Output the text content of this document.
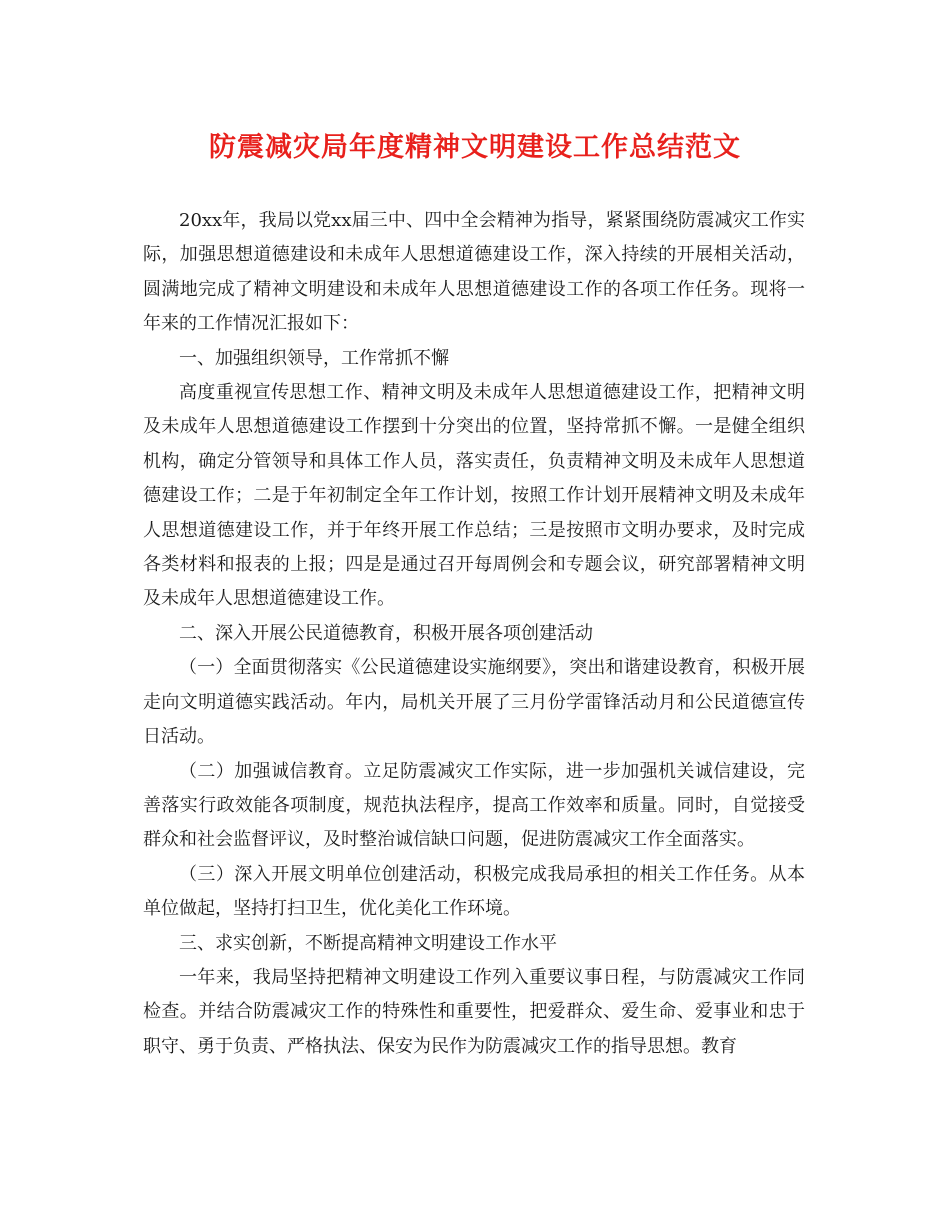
防震减灾局年度精神文明建设工作总结范文

20xx年，我局以党xx届三中、四中全会精神为指导，紧紧围绕防震减灾工作实际，加强思想道德建设和未成年人思想道德建设工作，深入持续的开展相关活动，圆满地完成了精神文明建设和未成年人思想道德建设工作的各项工作任务。现将一年来的工作情况汇报如下：

一、加强组织领导，工作常抓不懈

高度重视宣传思想工作、精神文明及未成年人思想道德建设工作，把精神文明及未成年人思想道德建设工作摆到十分突出的位置，坚持常抓不懈。一是健全组织机构，确定分管领导和具体工作人员，落实责任，负责精神文明及未成年人思想道德建设工作；二是于年初制定全年工作计划，按照工作计划开展精神文明及未成年人思想道德建设工作，并于年终开展工作总结；三是按照市文明办要求，及时完成各类材料和报表的上报；四是是通过召开每周例会和专题会议，研究部署精神文明及未成年人思想道德建设工作。

二、深入开展公民道德教育，积极开展各项创建活动

（一）全面贯彻落实《公民道德建设实施纲要》，突出和谐建设教育，积极开展走向文明道德实践活动。年内，局机关开展了三月份学雷锋活动月和公民道德宣传日活动。

（二）加强诚信教育。立足防震减灾工作实际，进一步加强机关诚信建设，完善落实行政效能各项制度，规范执法程序，提高工作效率和质量。同时，自觉接受群众和社会监督评议，及时整治诚信缺口问题，促进防震减灾工作全面落实。

（三）深入开展文明单位创建活动，积极完成我局承担的相关工作任务。从本单位做起，坚持打扫卫生，优化美化工作环境。

三、求实创新，不断提高精神文明建设工作水平

一年来，我局坚持把精神文明建设工作列入重要议事日程，与防震减灾工作同检查。并结合防震减灾工作的特殊性和重要性，把爱群众、爱生命、爱事业和忠于职守、勇于负责、严格执法、保安为民作为防震减灾工作的指导思想。教育
